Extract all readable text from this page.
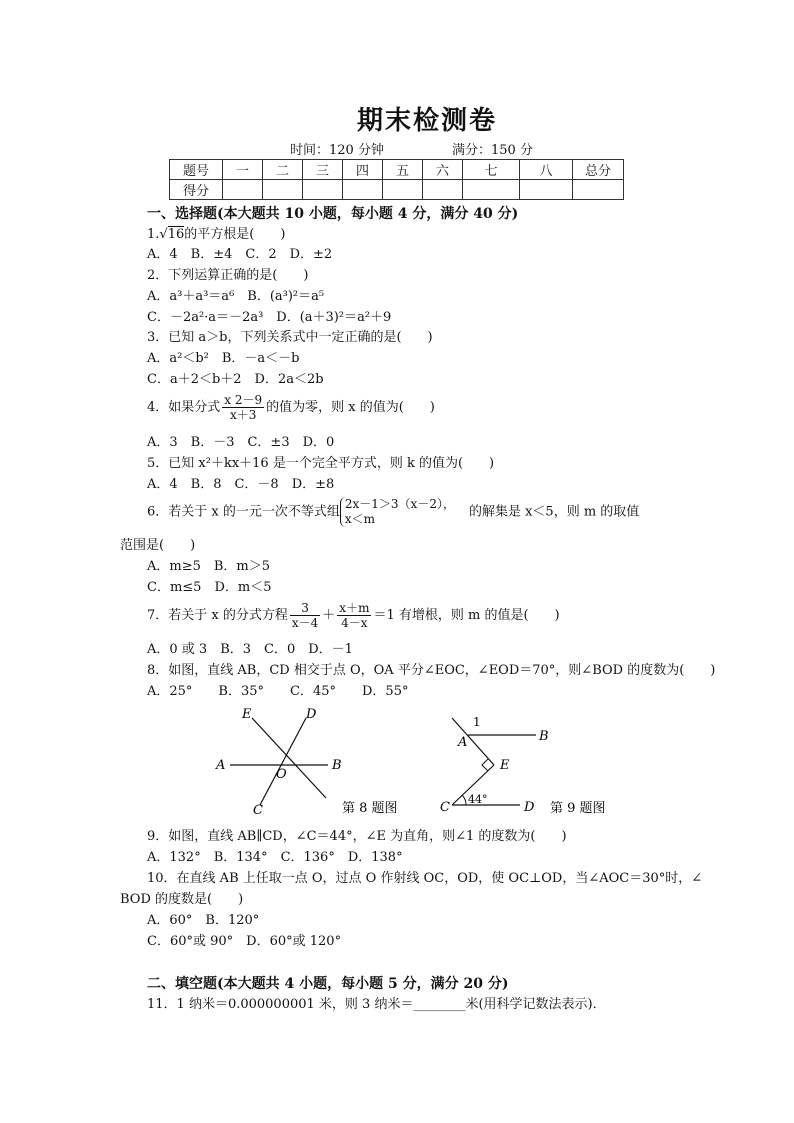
期末检测卷
时间：120 分钟	满分：150 分
题号	一	二	三	四	五	六	七	八	总分
得分									
一、选择题(本大题共 10 小题，每小题 4 分，满分 40 分)
1.√16的平方根是(　　)
A．4　B．±4　C．2　D．±2
2．下列运算正确的是(　　)
A．a³＋a³＝a⁶　B．(a³)²＝a⁵
C．－2a²·a＝－2a³　D．(a＋3)²＝a²＋9
3．已知 a＞b，下列关系式中一定正确的是(　　)
A．a²＜b²　B．－a＜－b
C．a＋2＜b＋2　D．2a＜2b
4．如果分式 $\frac{x 2-9}{x+3}$ 的值为零，则 x 的值为(　　)
A．3　B．－3　C．±3　D．0
5．已知 x²＋kx＋16 是一个完全平方式，则 k 的值为(　　)
A．4　B．8　C．－8　D．±8
6．若关于 x 的一元一次不等式组
2x－1＞3（x－2），
x＜m	的解集是 x＜5，则 m 的取值
范围是(　　)
A．m≥5　B．m＞5
C．m≤5　D．m＜5
7．若关于 x 的分式方程 $\frac{3}{x-4} + \frac{x+m}{4-x} =1$ 有增根，则 m 的值是(　　)
A．0 或 3　B．3　C．0　D．－1
8．如图，直线 AB，CD 相交于点 O，OA 平分∠EOC，∠EOD＝70°，则∠BOD 的度数为(　　)
A．25°　　B．35°　　C．45°　　D．55°
E	D
A
O
B
C	第 8 题图
1
A	B
E
C	D
44°
第 9 题图
9．如图，直线 AB∥CD，∠C＝44°，∠E 为直角，则∠1 的度数为(　　)
A．132°　B．134°　C．136°　D．138°
10．在直线 AB 上任取一点 O，过点 O 作射线 OC，OD，使 OC⊥OD，当∠AOC＝30°时，∠
BOD 的度数是(　　)
A．60°　B．120°
C．60°或 90°　D．60°或 120°
二、填空题(本大题共 4 小题，每小题 5 分，满分 20 分)
11．1 纳米＝0.000000001 米，则 3 纳米＝________米(用科学记数法表示)．
